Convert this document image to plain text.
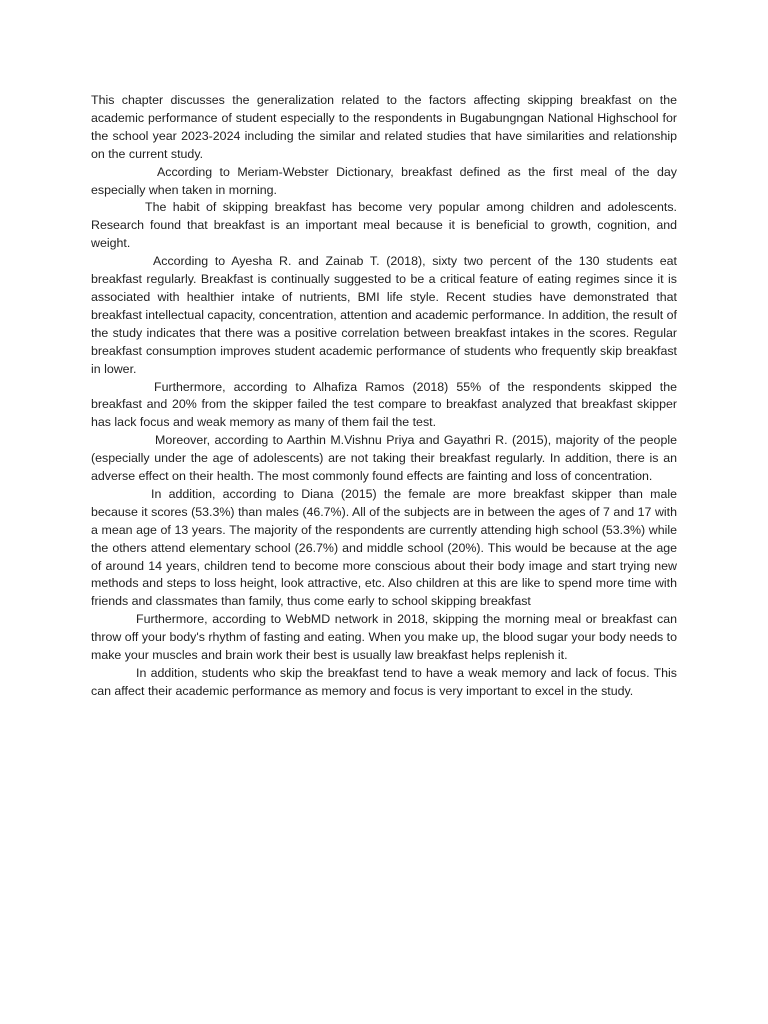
This chapter discusses the generalization related to the factors affecting skipping breakfast on the academic performance of student especially to the respondents in Bugabungngan National Highschool for the school year 2023-2024 including the similar and related studies that have similarities and relationship on the current study.

According to Meriam-Webster Dictionary, breakfast defined as the first meal of the day especially when taken in morning.

The habit of skipping breakfast has become very popular among children and adolescents. Research found that breakfast is an important meal because it is beneficial to growth, cognition, and weight.

According to Ayesha R. and Zainab T. (2018), sixty two percent of the 130 students eat breakfast regularly. Breakfast is continually suggested to be a critical feature of eating regimes since it is associated with healthier intake of nutrients, BMI life style. Recent studies have demonstrated that breakfast intellectual capacity, concentration, attention and academic performance. In addition, the result of the study indicates that there was a positive correlation between breakfast intakes in the scores. Regular breakfast consumption improves student academic performance of students who frequently skip breakfast in lower.

Furthermore, according to Alhafiza Ramos (2018) 55% of the respondents skipped the breakfast and 20% from the skipper failed the test compare to breakfast analyzed that breakfast skipper has lack focus and weak memory as many of them fail the test.

Moreover, according to Aarthin M.Vishnu Priya and Gayathri R. (2015), majority of the people (especially under the age of adolescents) are not taking their breakfast regularly. In addition, there is an adverse effect on their health. The most commonly found effects are fainting and loss of concentration.

In addition, according to Diana (2015) the female are more breakfast skipper than male because it scores (53.3%) than males (46.7%). All of the subjects are in between the ages of 7 and 17 with a mean age of 13 years. The majority of the respondents are currently attending high school (53.3%) while the others attend elementary school (26.7%) and middle school (20%). This would be because at the age of around 14 years, children tend to become more conscious about their body image and start trying new methods and steps to loss height, look attractive, etc. Also children at this are like to spend more time with friends and classmates than family, thus come early to school skipping breakfast

Furthermore, according to WebMD network in 2018, skipping the morning meal or breakfast can throw off your body's rhythm of fasting and eating. When you make up, the blood sugar your body needs to make your muscles and brain work their best is usually law breakfast helps replenish it.

In addition, students who skip the breakfast tend to have a weak memory and lack of focus. This can affect their academic performance as memory and focus is very important to excel in the study.
